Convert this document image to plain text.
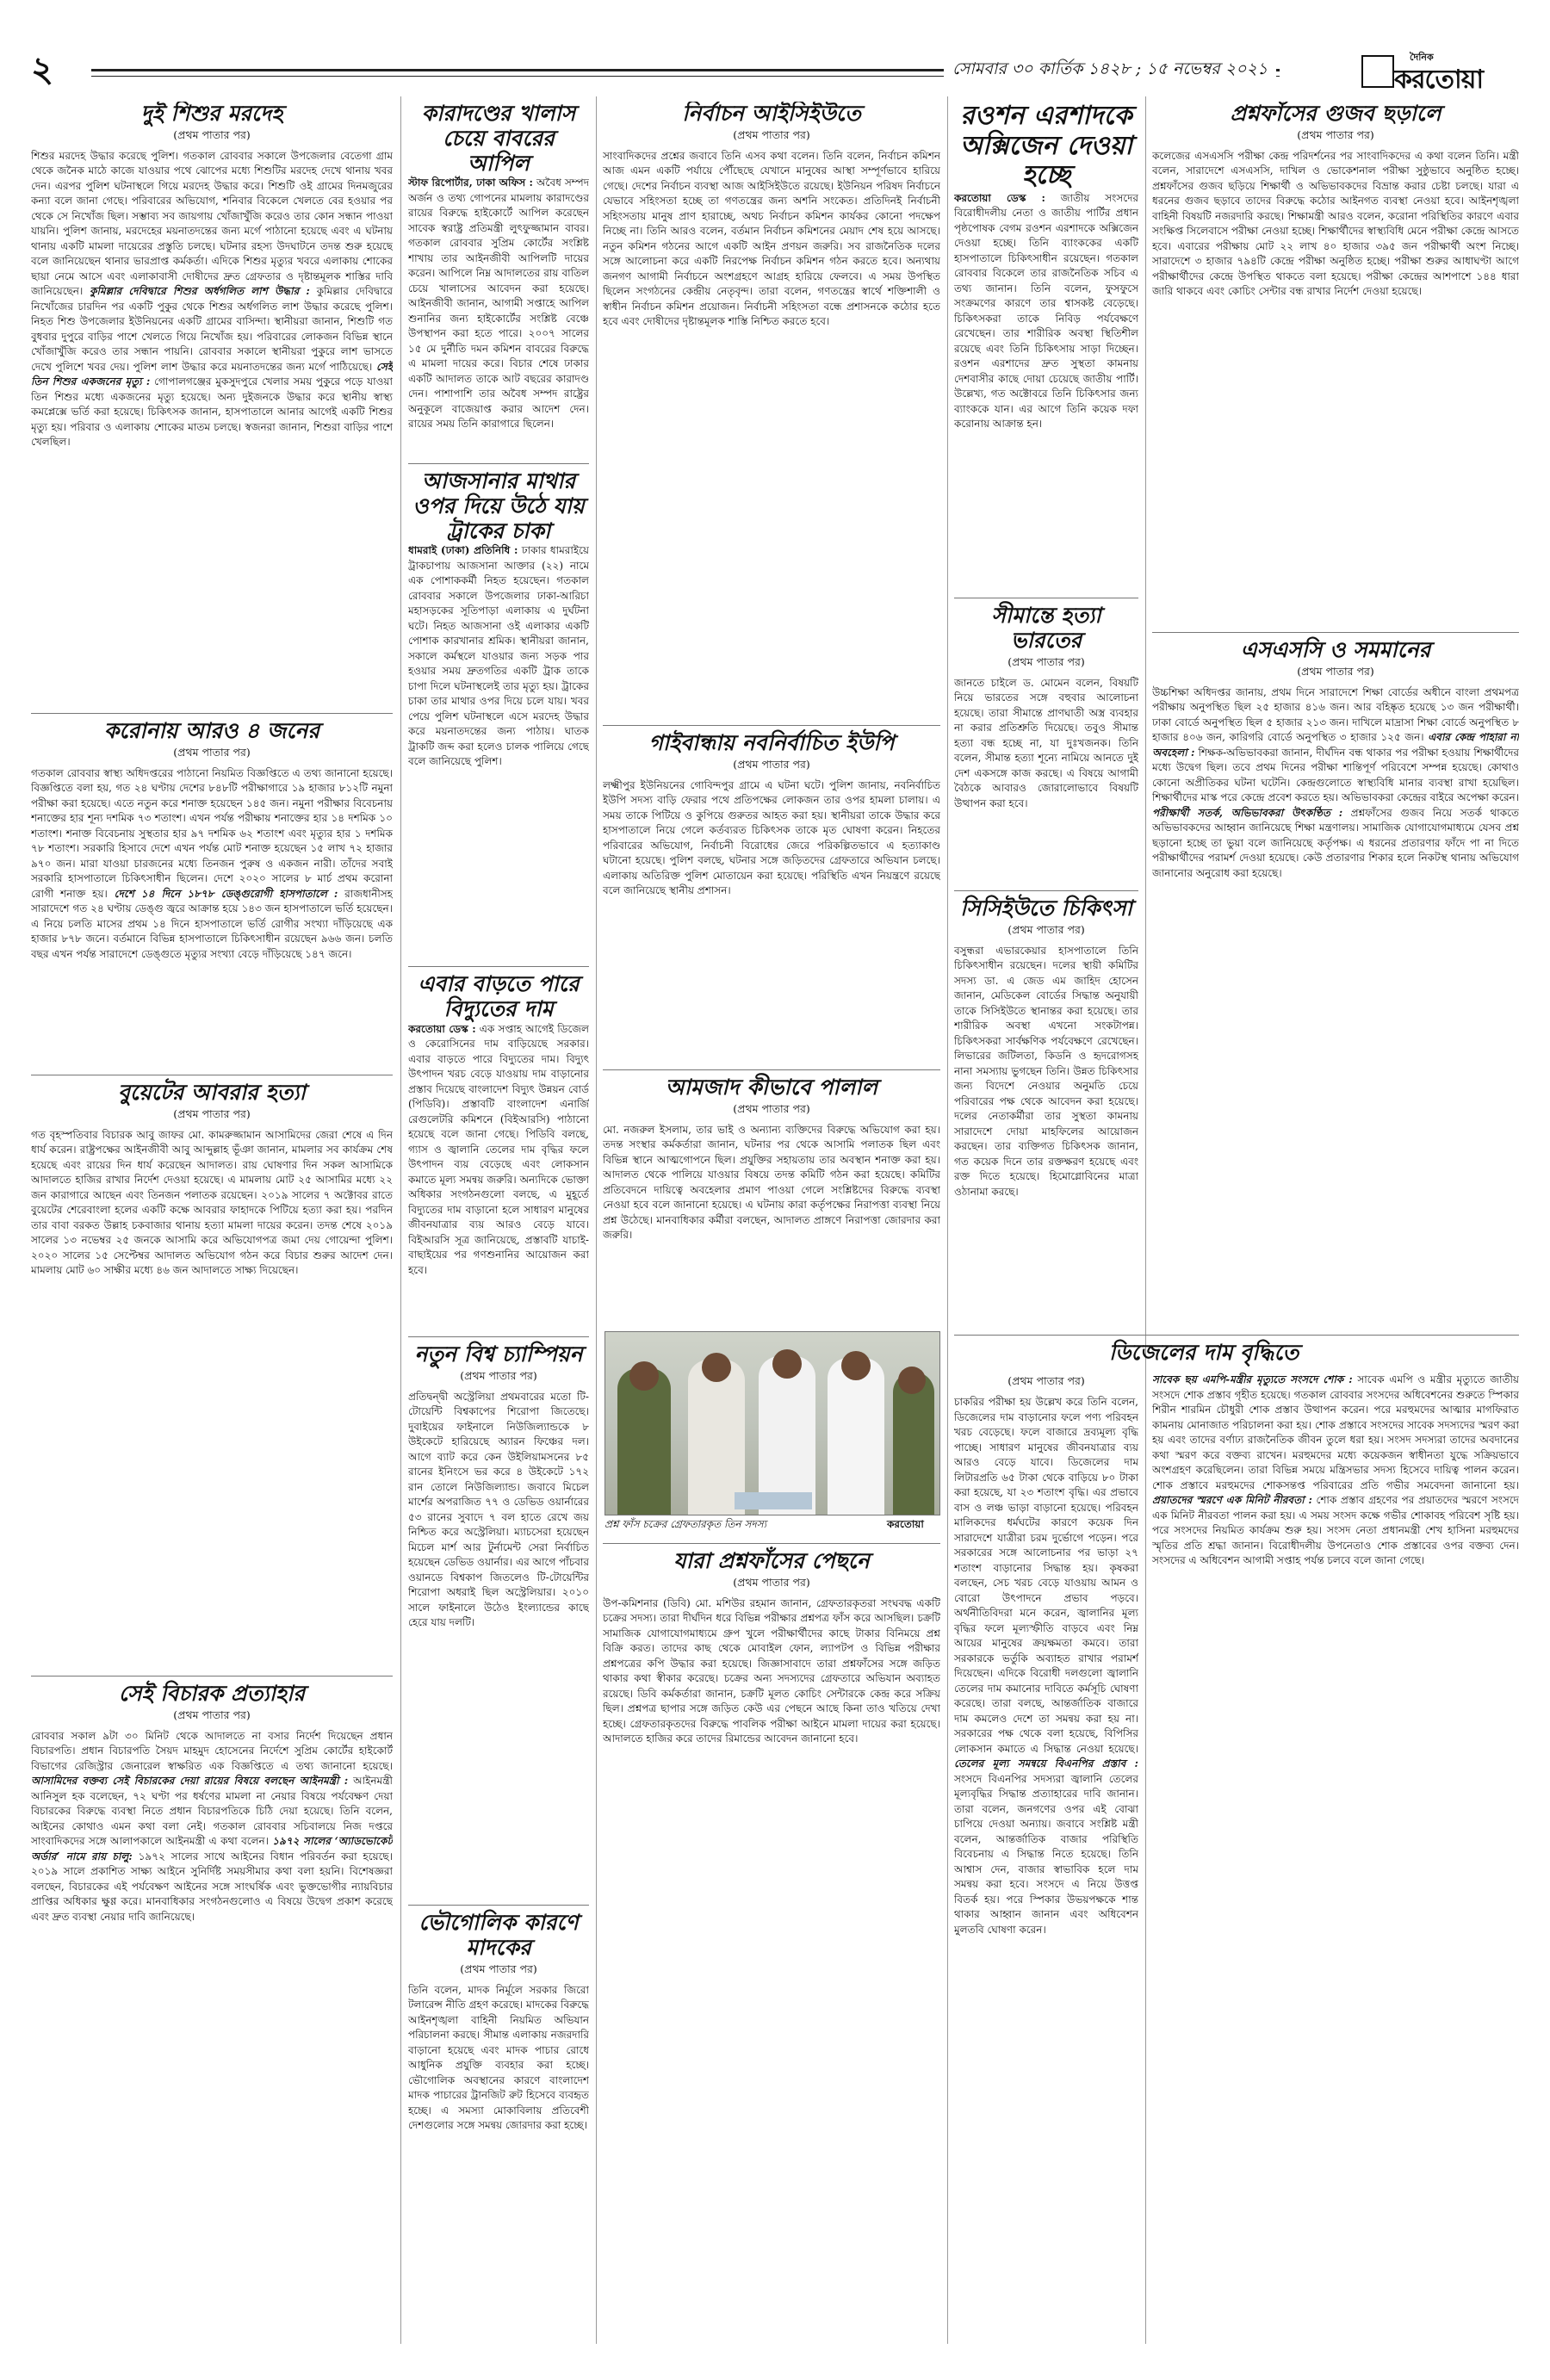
২	সোমবার ৩০ কার্তিক ১৪২৮ ; ১৫ নভেম্বর ২০২১
দৈনিক
করতোয়া
দুই শিশুর মরদেহ
(প্রথম পাতার পর)

শিশুর মরদেহ উদ্ধার করেছে পুলিশ। গতকাল রোববার সকালে উপজেলার বেতেগা গ্রাম থেকে জনৈক মাঠে কাজে যাওয়ার পথে ঝোপের মধ্যে শিশুটির মরদেহ দেখে থানায় খবর দেন। এরপর পুলিশ ঘটনাস্থলে গিয়ে মরদেহ উদ্ধার করে। শিশুটি ওই গ্রামের দিনমজুরের কন্যা বলে জানা গেছে। পরিবারের অভিযোগ, শনিবার বিকেলে খেলতে বের হওয়ার পর থেকে সে নিখোঁজ ছিল। সম্ভাব্য সব জায়গায় খোঁজাখুঁজি করেও তার কোন সন্ধান পাওয়া যায়নি। পুলিশ জানায়, মরদেহের ময়নাতদন্তের জন্য মর্গে পাঠানো হয়েছে এবং এ ঘটনায় থানায় একটি মামলা দায়েরের প্রস্তুতি চলছে। ঘটনার রহস্য উদঘাটনে তদন্ত শুরু হয়েছে বলে জানিয়েছেন থানার ভারপ্রাপ্ত কর্মকর্তা। এদিকে শিশুর মৃত্যুর খবরে এলাকায় শোকের ছায়া নেমে আসে এবং এলাকাবাসী দোষীদের দ্রুত গ্রেফতার ও দৃষ্টান্তমূলক শাস্তির দাবি জানিয়েছেন। কুমিল্লার দেবিদ্বারে শিশুর অর্ধগলিত লাশ উদ্ধার : কুমিল্লার দেবিদ্বারে নিখোঁজের চারদিন পর একটি পুকুর থেকে শিশুর অর্ধগলিত লাশ উদ্ধার করেছে পুলিশ। নিহত শিশু উপজেলার ইউনিয়নের একটি গ্রামের বাসিন্দা। স্থানীয়রা জানান, শিশুটি গত বুধবার দুপুরে বাড়ির পাশে খেলতে গিয়ে নিখোঁজ হয়। পরিবারের লোকজন বিভিন্ন স্থানে খোঁজাখুঁজি করেও তার সন্ধান পায়নি। রোববার সকালে স্থানীয়রা পুকুরে লাশ ভাসতে দেখে পুলিশে খবর দেয়। পুলিশ লাশ উদ্ধার করে ময়নাতদন্তের জন্য মর্গে পাঠিয়েছে। সেই তিন শিশুর একজনের মৃত্যু : গোপালগঞ্জের মুকসুদপুরে খেলার সময় পুকুরে পড়ে যাওয়া তিন শিশুর মধ্যে একজনের মৃত্যু হয়েছে। অন্য দুইজনকে উদ্ধার করে স্থানীয় স্বাস্থ্য কমপ্লেক্সে ভর্তি করা হয়েছে। চিকিৎসক জানান, হাসপাতালে আনার আগেই একটি শিশুর মৃত্যু হয়। পরিবার ও এলাকায় শোকের মাতম চলছে। স্বজনরা জানান, শিশুরা বাড়ির পাশে খেলছিল।

করোনায় আরও ৪ জনের
(প্রথম পাতার পর)

গতকাল রোববার স্বাস্থ্য অধিদপ্তরের পাঠানো নিয়মিত বিজ্ঞপ্তিতে এ তথ্য জানানো হয়েছে। বিজ্ঞপ্তিতে বলা হয়, গত ২৪ ঘণ্টায় দেশের ৮৪৮টি পরীক্ষাগারে ১৯ হাজার ৮১২টি নমুনা পরীক্ষা করা হয়েছে। এতে নতুন করে শনাক্ত হয়েছেন ১৪৫ জন। নমুনা পরীক্ষার বিবেচনায় শনাক্তের হার শূন্য দশমিক ৭৩ শতাংশ। এখন পর্যন্ত পরীক্ষায় শনাক্তের হার ১৪ দশমিক ১০ শতাংশ। শনাক্ত বিবেচনায় সুস্থতার হার ৯৭ দশমিক ৬২ শতাংশ এবং মৃত্যুর হার ১ দশমিক ৭৮ শতাংশ। সরকারি হিসাবে দেশে এখন পর্যন্ত মোট শনাক্ত হয়েছেন ১৫ লাখ ৭২ হাজার ৯৭০ জন। মারা যাওয়া চারজনের মধ্যে তিনজন পুরুষ ও একজন নারী। তাঁদের সবাই সরকারি হাসপাতালে চিকিৎসাধীন ছিলেন। দেশে ২০২০ সালের ৮ মার্চ প্রথম করোনা রোগী শনাক্ত হয়। দেশে ১৪ দিনে ১৮৭৮ ডেঙ্গুরোগী হাসপাতালে : রাজধানীসহ সারাদেশে গত ২৪ ঘণ্টায় ডেঙ্গু জ্বরে আক্রান্ত হয়ে ১৪৩ জন হাসপাতালে ভর্তি হয়েছেন। এ নিয়ে চলতি মাসের প্রথম ১৪ দিনে হাসপাতালে ভর্তি রোগীর সংখ্যা দাঁড়িয়েছে এক হাজার ৮৭৮ জনে। বর্তমানে বিভিন্ন হাসপাতালে চিকিৎসাধীন রয়েছেন ৯৬৬ জন। চলতি বছর এখন পর্যন্ত সারাদেশে ডেঙ্গুতে মৃত্যুর সংখ্যা বেড়ে দাঁড়িয়েছে ১৪৭ জনে।

বুয়েটের আবরার হত্যা
(প্রথম পাতার পর)

গত বৃহস্পতিবার বিচারক আবু জাফর মো. কামরুজ্জামান আসামিদের জেরা শেষে এ দিন ধার্য করেন। রাষ্ট্রপক্ষের আইনজীবী আবু আব্দুল্লাহ ভূঁঞা জানান, মামলার সব কার্যক্রম শেষ হয়েছে এবং রায়ের দিন ধার্য করেছেন আদালত। রায় ঘোষণার দিন সকল আসামিকে আদালতে হাজির রাখার নির্দেশ দেওয়া হয়েছে। এ মামলায় মোট ২৫ আসামির মধ্যে ২২ জন কারাগারে আছেন এবং তিনজন পলাতক রয়েছেন। ২০১৯ সালের ৭ অক্টোবর রাতে বুয়েটের শেরেবাংলা হলের একটি কক্ষে আবরার ফাহাদকে পিটিয়ে হত্যা করা হয়। পরদিন তার বাবা বরকত উল্লাহ চকবাজার থানায় হত্যা মামলা দায়ের করেন। তদন্ত শেষে ২০১৯ সালের ১৩ নভেম্বর ২৫ জনকে আসামি করে অভিযোগপত্র জমা দেয় গোয়েন্দা পুলিশ। ২০২০ সালের ১৫ সেপ্টেম্বর আদালত অভিযোগ গঠন করে বিচার শুরুর আদেশ দেন। মামলায় মোট ৬০ সাক্ষীর মধ্যে ৪৬ জন আদালতে সাক্ষ্য দিয়েছেন।

সেই বিচারক প্রত্যাহার
(প্রথম পাতার পর)

রোববার সকাল ৯টা ৩০ মিনিট থেকে আদালতে না বসার নির্দেশ দিয়েছেন প্রধান বিচারপতি। প্রধান বিচারপতি সৈয়দ মাহমুদ হোসেনের নির্দেশে সুপ্রিম কোর্টের হাইকোর্ট বিভাগের রেজিস্ট্রার জেনারেল স্বাক্ষরিত এক বিজ্ঞপ্তিতে এ তথ্য জানানো হয়েছে। আসামিদের বক্তব্য সেই বিচারকের দেয়া রায়ের বিষয়ে বলছেন আইনমন্ত্রী : আইনমন্ত্রী আনিসুল হক বলেছেন, ৭২ ঘণ্টা পর ধর্ষণের মামলা না নেয়ার বিষয়ে পর্যবেক্ষণ দেয়া বিচারকের বিরুদ্ধে ব্যবস্থা নিতে প্রধান বিচারপতিকে চিঠি দেয়া হয়েছে। তিনি বলেন, আইনের কোথাও এমন কথা বলা নেই। গতকাল রোববার সচিবালয়ে নিজ দপ্তরে সাংবাদিকদের সঙ্গে আলাপকালে আইনমন্ত্রী এ কথা বলেন। ১৯৭২ সালের ‘অ্যাডভোকেট অর্ডার’ নামে রায় চালু: ১৯৭২ সালের সাথে আইনের বিধান পরিবর্তন করা হয়েছে। ২০১৯ সালে প্রকাশিত সাক্ষ্য আইনে সুনির্দিষ্ট সময়সীমার কথা বলা হয়নি। বিশেষজ্ঞরা বলছেন, বিচারকের এই পর্যবেক্ষণ আইনের সঙ্গে সাংঘর্ষিক এবং ভুক্তভোগীর ন্যায়বিচার প্রাপ্তির অধিকার ক্ষুণ্ণ করে। মানবাধিকার সংগঠনগুলোও এ বিষয়ে উদ্বেগ প্রকাশ করেছে এবং দ্রুত ব্যবস্থা নেয়ার দাবি জানিয়েছে।

কারাদণ্ডের খালাস চেয়ে বাবরের আপিল

স্টাফ রিপোর্টার, ঢাকা অফিস : অবৈধ সম্পদ অর্জন ও তথ্য গোপনের মামলায় কারাদণ্ডের রায়ের বিরুদ্ধে হাইকোর্টে আপিল করেছেন সাবেক স্বরাষ্ট্র প্রতিমন্ত্রী লুৎফুজ্জামান বাবর। গতকাল রোববার সুপ্রিম কোর্টের সংশ্লিষ্ট শাখায় তার আইনজীবী আপিলটি দায়ের করেন। আপিলে নিম্ন আদালতের রায় বাতিল চেয়ে খালাসের আবেদন করা হয়েছে। আইনজীবী জানান, আগামী সপ্তাহে আপিল শুনানির জন্য হাইকোর্টের সংশ্লিষ্ট বেঞ্চে উপস্থাপন করা হতে পারে। ২০০৭ সালের ১৫ মে দুর্নীতি দমন কমিশন বাবরের বিরুদ্ধে এ মামলা দায়ের করে। বিচার শেষে ঢাকার একটি আদালত তাকে আট বছরের কারাদণ্ড দেন। পাশাপাশি তার অবৈধ সম্পদ রাষ্ট্রের অনুকূলে বাজেয়াপ্ত করার আদেশ দেন। রায়ের সময় তিনি কারাগারে ছিলেন।

আজসানার মাথার ওপর দিয়ে উঠে যায় ট্রাকের চাকা

ধামরাই (ঢাকা) প্রতিনিধি : ঢাকার ধামরাইয়ে ট্রাকচাপায় আজসানা আক্তার (২২) নামে এক পোশাককর্মী নিহত হয়েছেন। গতকাল রোববার সকালে উপজেলার ঢাকা-আরিচা মহাসড়কের সূতিপাড়া এলাকায় এ দুর্ঘটনা ঘটে। নিহত আজসানা ওই এলাকার একটি পোশাক কারখানার শ্রমিক। স্থানীয়রা জানান, সকালে কর্মস্থলে যাওয়ার জন্য সড়ক পার হওয়ার সময় দ্রুতগতির একটি ট্রাক তাকে চাপা দিলে ঘটনাস্থলেই তার মৃত্যু হয়। ট্রাকের চাকা তার মাথার ওপর দিয়ে চলে যায়। খবর পেয়ে পুলিশ ঘটনাস্থলে এসে মরদেহ উদ্ধার করে ময়নাতদন্তের জন্য পাঠায়। ঘাতক ট্রাকটি জব্দ করা হলেও চালক পালিয়ে গেছে বলে জানিয়েছে পুলিশ।

এবার বাড়তে পারে বিদ্যুতের দাম

করতোয়া ডেস্ক : এক সপ্তাহ আগেই ডিজেল ও কেরোসিনের দাম বাড়িয়েছে সরকার। এবার বাড়তে পারে বিদ্যুতের দাম। বিদ্যুৎ উৎপাদন খরচ বেড়ে যাওয়ায় দাম বাড়ানোর প্রস্তাব দিয়েছে বাংলাদেশ বিদ্যুৎ উন্নয়ন বোর্ড (পিডিবি)। প্রস্তাবটি বাংলাদেশ এনার্জি রেগুলেটরি কমিশনে (বিইআরসি) পাঠানো হয়েছে বলে জানা গেছে। পিডিবি বলছে, গ্যাস ও জ্বালানি তেলের দাম বৃদ্ধির ফলে উৎপাদন ব্যয় বেড়েছে এবং লোকসান কমাতে মূল্য সমন্বয় জরুরি। অন্যদিকে ভোক্তা অধিকার সংগঠনগুলো বলছে, এ মুহূর্তে বিদ্যুতের দাম বাড়ানো হলে সাধারণ মানুষের জীবনযাত্রার ব্যয় আরও বেড়ে যাবে। বিইআরসি সূত্র জানিয়েছে, প্রস্তাবটি যাচাই-বাছাইয়ের পর গণশুনানির আয়োজন করা হবে।

নতুন বিশ্ব চ্যাম্পিয়ন
(প্রথম পাতার পর)

প্রতিদ্বন্দ্বী অস্ট্রেলিয়া প্রথমবারের মতো টি-টোয়েন্টি বিশ্বকাপের শিরোপা জিতেছে। দুবাইয়ের ফাইনালে নিউজিল্যান্ডকে ৮ উইকেটে হারিয়েছে অ্যারন ফিঞ্চের দল। আগে ব্যাট করে কেন উইলিয়ামসনের ৮৫ রানের ইনিংসে ভর করে ৪ উইকেটে ১৭২ রান তোলে নিউজিল্যান্ড। জবাবে মিচেল মার্শের অপরাজিত ৭৭ ও ডেভিড ওয়ার্নারের ৫৩ রানের সুবাদে ৭ বল হাতে রেখে জয় নিশ্চিত করে অস্ট্রেলিয়া। ম্যাচসেরা হয়েছেন মিচেল মার্শ আর টুর্নামেন্ট সেরা নির্বাচিত হয়েছেন ডেভিড ওয়ার্নার। এর আগে পাঁচবার ওয়ানডে বিশ্বকাপ জিতলেও টি-টোয়েন্টির শিরোপা অধরাই ছিল অস্ট্রেলিয়ার। ২০১০ সালে ফাইনালে উঠেও ইংল্যান্ডের কাছে হেরে যায় দলটি।

ভৌগোলিক কারণে মাদকের
(প্রথম পাতার পর)

তিনি বলেন, মাদক নির্মূলে সরকার জিরো টলারেন্স নীতি গ্রহণ করেছে। মাদকের বিরুদ্ধে আইনশৃঙ্খলা বাহিনী নিয়মিত অভিযান পরিচালনা করছে। সীমান্ত এলাকায় নজরদারি বাড়ানো হয়েছে এবং মাদক পাচার রোধে আধুনিক প্রযুক্তি ব্যবহার করা হচ্ছে। ভৌগোলিক অবস্থানের কারণে বাংলাদেশ মাদক পাচারের ট্রানজিট রুট হিসেবে ব্যবহৃত হচ্ছে। এ সমস্যা মোকাবিলায় প্রতিবেশী দেশগুলোর সঙ্গে সমন্বয় জোরদার করা হচ্ছে।

নির্বাচন আইসিইউতে
(প্রথম পাতার পর)

সাংবাদিকদের প্রশ্নের জবাবে তিনি এসব কথা বলেন। তিনি বলেন, নির্বাচন কমিশন আজ এমন একটি পর্যায়ে পৌঁছেছে যেখানে মানুষের আস্থা সম্পূর্ণভাবে হারিয়ে গেছে। দেশের নির্বাচন ব্যবস্থা আজ আইসিইউতে রয়েছে। ইউনিয়ন পরিষদ নির্বাচনে যেভাবে সহিংসতা হচ্ছে তা গণতন্ত্রের জন্য অশনি সংকেত। প্রতিদিনই নির্বাচনী সহিংসতায় মানুষ প্রাণ হারাচ্ছে, অথচ নির্বাচন কমিশন কার্যকর কোনো পদক্ষেপ নিচ্ছে না। তিনি আরও বলেন, বর্তমান নির্বাচন কমিশনের মেয়াদ শেষ হয়ে আসছে। নতুন কমিশন গঠনের আগে একটি আইন প্রণয়ন জরুরি। সব রাজনৈতিক দলের সঙ্গে আলোচনা করে একটি নিরপেক্ষ নির্বাচন কমিশন গঠন করতে হবে। অন্যথায় জনগণ আগামী নির্বাচনে অংশগ্রহণে আগ্রহ হারিয়ে ফেলবে। এ সময় উপস্থিত ছিলেন সংগঠনের কেন্দ্রীয় নেতৃবৃন্দ। তারা বলেন, গণতন্ত্রের স্বার্থে শক্তিশালী ও স্বাধীন নির্বাচন কমিশন প্রয়োজন। নির্বাচনী সহিংসতা বন্ধে প্রশাসনকে কঠোর হতে হবে এবং দোষীদের দৃষ্টান্তমূলক শাস্তি নিশ্চিত করতে হবে।

গাইবান্ধায় নবনির্বাচিত ইউপি
(প্রথম পাতার পর)

লক্ষ্মীপুর ইউনিয়নের গোবিন্দপুর গ্রামে এ ঘটনা ঘটে। পুলিশ জানায়, নবনির্বাচিত ইউপি সদস্য বাড়ি ফেরার পথে প্রতিপক্ষের লোকজন তার ওপর হামলা চালায়। এ সময় তাকে পিটিয়ে ও কুপিয়ে গুরুতর আহত করা হয়। স্থানীয়রা তাকে উদ্ধার করে হাসপাতালে নিয়ে গেলে কর্তব্যরত চিকিৎসক তাকে মৃত ঘোষণা করেন। নিহতের পরিবারের অভিযোগ, নির্বাচনী বিরোধের জেরে পরিকল্পিতভাবে এ হত্যাকাণ্ড ঘটানো হয়েছে। পুলিশ বলছে, ঘটনার সঙ্গে জড়িতদের গ্রেফতারে অভিযান চলছে। এলাকায় অতিরিক্ত পুলিশ মোতায়েন করা হয়েছে। পরিস্থিতি এখন নিয়ন্ত্রণে রয়েছে বলে জানিয়েছে স্থানীয় প্রশাসন।

আমজাদ কীভাবে পালাল
(প্রথম পাতার পর)

মো. নজরুল ইসলাম, তার ভাই ও অন্যান্য ব্যক্তিদের বিরুদ্ধে অভিযোগ করা হয়। তদন্ত সংস্থার কর্মকর্তারা জানান, ঘটনার পর থেকে আসামি পলাতক ছিল এবং বিভিন্ন স্থানে আত্মগোপনে ছিল। প্রযুক্তির সহায়তায় তার অবস্থান শনাক্ত করা হয়। আদালত থেকে পালিয়ে যাওয়ার বিষয়ে তদন্ত কমিটি গঠন করা হয়েছে। কমিটির প্রতিবেদনে দায়িত্বে অবহেলার প্রমাণ পাওয়া গেলে সংশ্লিষ্টদের বিরুদ্ধে ব্যবস্থা নেওয়া হবে বলে জানানো হয়েছে। এ ঘটনায় কারা কর্তৃপক্ষের নিরাপত্তা ব্যবস্থা নিয়ে প্রশ্ন উঠেছে। মানবাধিকার কর্মীরা বলছেন, আদালত প্রাঙ্গণে নিরাপত্তা জোরদার করা জরুরি।

প্রশ্ন ফাঁস চক্রের গ্রেফতারকৃত তিন সদস্য	করতোয়া
যারা প্রশ্নফাঁসের পেছনে
(প্রথম পাতার পর)

উপ-কমিশনার (ডিবি) মো. মশিউর রহমান জানান, গ্রেফতারকৃতরা সংঘবদ্ধ একটি চক্রের সদস্য। তারা দীর্ঘদিন ধরে বিভিন্ন পরীক্ষার প্রশ্নপত্র ফাঁস করে আসছিল। চক্রটি সামাজিক যোগাযোগমাধ্যমে গ্রুপ খুলে পরীক্ষার্থীদের কাছে টাকার বিনিময়ে প্রশ্ন বিক্রি করত। তাদের কাছ থেকে মোবাইল ফোন, ল্যাপটপ ও বিভিন্ন পরীক্ষার প্রশ্নপত্রের কপি উদ্ধার করা হয়েছে। জিজ্ঞাসাবাদে তারা প্রশ্নফাঁসের সঙ্গে জড়িত থাকার কথা স্বীকার করেছে। চক্রের অন্য সদস্যদের গ্রেফতারে অভিযান অব্যাহত রয়েছে। ডিবি কর্মকর্তারা জানান, চক্রটি মূলত কোচিং সেন্টারকে কেন্দ্র করে সক্রিয় ছিল। প্রশ্নপত্র ছাপার সঙ্গে জড়িত কেউ এর পেছনে আছে কিনা তাও খতিয়ে দেখা হচ্ছে। গ্রেফতারকৃতদের বিরুদ্ধে পাবলিক পরীক্ষা আইনে মামলা দায়ের করা হয়েছে। আদালতে হাজির করে তাদের রিমান্ডের আবেদন জানানো হবে।

রওশন এরশাদকে অক্সিজেন দেওয়া হচ্ছে

করতোয়া ডেস্ক : জাতীয় সংসদের বিরোধীদলীয় নেতা ও জাতীয় পার্টির প্রধান পৃষ্ঠপোষক বেগম রওশন এরশাদকে অক্সিজেন দেওয়া হচ্ছে। তিনি ব্যাংককের একটি হাসপাতালে চিকিৎসাধীন রয়েছেন। গতকাল রোববার বিকেলে তার রাজনৈতিক সচিব এ তথ্য জানান। তিনি বলেন, ফুসফুসে সংক্রমণের কারণে তার শ্বাসকষ্ট বেড়েছে। চিকিৎসকরা তাকে নিবিড় পর্যবেক্ষণে রেখেছেন। তার শারীরিক অবস্থা স্থিতিশীল রয়েছে এবং তিনি চিকিৎসায় সাড়া দিচ্ছেন। রওশন এরশাদের দ্রুত সুস্থতা কামনায় দেশবাসীর কাছে দোয়া চেয়েছে জাতীয় পার্টি। উল্লেখ্য, গত অক্টোবরে তিনি চিকিৎসার জন্য ব্যাংককে যান। এর আগে তিনি কয়েক দফা করোনায় আক্রান্ত হন।

সীমান্তে হত্যা ভারতের
(প্রথম পাতার পর)

জানতে চাইলে ড. মোমেন বলেন, বিষয়টি নিয়ে ভারতের সঙ্গে বহুবার আলোচনা হয়েছে। তারা সীমান্তে প্রাণঘাতী অস্ত্র ব্যবহার না করার প্রতিশ্রুতি দিয়েছে। তবুও সীমান্ত হত্যা বন্ধ হচ্ছে না, যা দুঃখজনক। তিনি বলেন, সীমান্ত হত্যা শূন্যে নামিয়ে আনতে দুই দেশ একসঙ্গে কাজ করছে। এ বিষয়ে আগামী বৈঠকে আবারও জোরালোভাবে বিষয়টি উত্থাপন করা হবে।

সিসিইউতে চিকিৎসা
(প্রথম পাতার পর)

বসুন্ধরা এভারকেয়ার হাসপাতালে তিনি চিকিৎসাধীন রয়েছেন। দলের স্থায়ী কমিটির সদস্য ডা. এ জেড এম জাহিদ হোসেন জানান, মেডিকেল বোর্ডের সিদ্ধান্ত অনুযায়ী তাকে সিসিইউতে স্থানান্তর করা হয়েছে। তার শারীরিক অবস্থা এখনো সংকটাপন্ন। চিকিৎসকরা সার্বক্ষণিক পর্যবেক্ষণে রেখেছেন। লিভারের জটিলতা, কিডনি ও হৃদরোগসহ নানা সমস্যায় ভুগছেন তিনি। উন্নত চিকিৎসার জন্য বিদেশে নেওয়ার অনুমতি চেয়ে পরিবারের পক্ষ থেকে আবেদন করা হয়েছে। দলের নেতাকর্মীরা তার সুস্থতা কামনায় সারাদেশে দোয়া মাহফিলের আয়োজন করছেন। তার ব্যক্তিগত চিকিৎসক জানান, গত কয়েক দিনে তার রক্তক্ষরণ হয়েছে এবং রক্ত দিতে হয়েছে। হিমোগ্লোবিনের মাত্রা ওঠানামা করছে।

ডিজেলের দাম বৃদ্ধিতে
(প্রথম পাতার পর)

চাকরির পরীক্ষা হয় উল্লেখ করে তিনি বলেন, ডিজেলের দাম বাড়ানোর ফলে পণ্য পরিবহন খরচ বেড়েছে। ফলে বাজারে দ্রব্যমূল্য বৃদ্ধি পাচ্ছে। সাধারণ মানুষের জীবনযাত্রার ব্যয় আরও বেড়ে যাবে। ডিজেলের দাম লিটারপ্রতি ৬৫ টাকা থেকে বাড়িয়ে ৮০ টাকা করা হয়েছে, যা ২৩ শতাংশ বৃদ্ধি। এর প্রভাবে বাস ও লঞ্চ ভাড়া বাড়ানো হয়েছে। পরিবহন মালিকদের ধর্মঘটের কারণে কয়েক দিন সারাদেশে যাত্রীরা চরম দুর্ভোগে পড়েন। পরে সরকারের সঙ্গে আলোচনার পর ভাড়া ২৭ শতাংশ বাড়ানোর সিদ্ধান্ত হয়। কৃষকরা বলছেন, সেচ খরচ বেড়ে যাওয়ায় আমন ও বোরো উৎপাদনে প্রভাব পড়বে। অর্থনীতিবিদরা মনে করেন, জ্বালানির মূল্য বৃদ্ধির ফলে মূল্যস্ফীতি বাড়বে এবং নিম্ন আয়ের মানুষের ক্রয়ক্ষমতা কমবে। তারা সরকারকে ভর্তুকি অব্যাহত রাখার পরামর্শ দিয়েছেন। এদিকে বিরোধী দলগুলো জ্বালানি তেলের দাম কমানোর দাবিতে কর্মসূচি ঘোষণা করেছে। তারা বলছে, আন্তর্জাতিক বাজারে দাম কমলেও দেশে তা সমন্বয় করা হয় না। সরকারের পক্ষ থেকে বলা হয়েছে, বিপিসির লোকসান কমাতে এ সিদ্ধান্ত নেওয়া হয়েছে। তেলের মূল্য সমন্বয়ে বিএনপির প্রস্তাব : সংসদে বিএনপির সদস্যরা জ্বালানি তেলের মূল্যবৃদ্ধির সিদ্ধান্ত প্রত্যাহারের দাবি জানান। তারা বলেন, জনগণের ওপর এই বোঝা চাপিয়ে দেওয়া অন্যায়। জবাবে সংশ্লিষ্ট মন্ত্রী বলেন, আন্তর্জাতিক বাজার পরিস্থিতি বিবেচনায় এ সিদ্ধান্ত নিতে হয়েছে। তিনি আশ্বাস দেন, বাজার স্বাভাবিক হলে দাম সমন্বয় করা হবে। সংসদে এ নিয়ে উত্তপ্ত বিতর্ক হয়। পরে স্পিকার উভয়পক্ষকে শান্ত থাকার আহ্বান জানান এবং অধিবেশন মুলতবি ঘোষণা করেন।

প্রশ্নফাঁসের গুজব ছড়ালে
(প্রথম পাতার পর)

কলেজের এসএসসি পরীক্ষা কেন্দ্র পরিদর্শনের পর সাংবাদিকদের এ কথা বলেন তিনি। মন্ত্রী বলেন, সারাদেশে এসএসসি, দাখিল ও ভোকেশনাল পরীক্ষা সুষ্ঠুভাবে অনুষ্ঠিত হচ্ছে। প্রশ্নফাঁসের গুজব ছড়িয়ে শিক্ষার্থী ও অভিভাবকদের বিভ্রান্ত করার চেষ্টা চলছে। যারা এ ধরনের গুজব ছড়াবে তাদের বিরুদ্ধে কঠোর আইনগত ব্যবস্থা নেওয়া হবে। আইনশৃঙ্খলা বাহিনী বিষয়টি নজরদারি করছে। শিক্ষামন্ত্রী আরও বলেন, করোনা পরিস্থিতির কারণে এবার সংক্ষিপ্ত সিলেবাসে পরীক্ষা নেওয়া হচ্ছে। শিক্ষার্থীদের স্বাস্থ্যবিধি মেনে পরীক্ষা কেন্দ্রে আসতে হবে। এবারের পরীক্ষায় মোট ২২ লাখ ৪০ হাজার ৩৯৫ জন পরীক্ষার্থী অংশ নিচ্ছে। সারাদেশে ৩ হাজার ৭৯৪টি কেন্দ্রে পরীক্ষা অনুষ্ঠিত হচ্ছে। পরীক্ষা শুরুর আধাঘণ্টা আগে পরীক্ষার্থীদের কেন্দ্রে উপস্থিত থাকতে বলা হয়েছে। পরীক্ষা কেন্দ্রের আশপাশে ১৪৪ ধারা জারি থাকবে এবং কোচিং সেন্টার বন্ধ রাখার নির্দেশ দেওয়া হয়েছে।

এসএসসি ও সমমানের
(প্রথম পাতার পর)

উচ্চশিক্ষা অধিদপ্তর জানায়, প্রথম দিনে সারাদেশে শিক্ষা বোর্ডের অধীনে বাংলা প্রথমপত্র পরীক্ষায় অনুপস্থিত ছিল ২৫ হাজার ৪১৬ জন। আর বহিষ্কৃত হয়েছে ১৩ জন পরীক্ষার্থী। ঢাকা বোর্ডে অনুপস্থিত ছিল ৫ হাজার ২১৩ জন। দাখিলে মাদ্রাসা শিক্ষা বোর্ডে অনুপস্থিত ৮ হাজার ৪০৬ জন, কারিগরি বোর্ডে অনুপস্থিত ৩ হাজার ১২৫ জন। এবার কেন্দ্র পাহারা না অবহেলা : শিক্ষক-অভিভাবকরা জানান, দীর্ঘদিন বন্ধ থাকার পর পরীক্ষা হওয়ায় শিক্ষার্থীদের মধ্যে উদ্বেগ ছিল। তবে প্রথম দিনের পরীক্ষা শান্তিপূর্ণ পরিবেশে সম্পন্ন হয়েছে। কোথাও কোনো অপ্রীতিকর ঘটনা ঘটেনি। কেন্দ্রগুলোতে স্বাস্থ্যবিধি মানার ব্যবস্থা রাখা হয়েছিল। শিক্ষার্থীদের মাস্ক পরে কেন্দ্রে প্রবেশ করতে হয়। অভিভাবকরা কেন্দ্রের বাইরে অপেক্ষা করেন। পরীক্ষার্থী সতর্ক, অভিভাবকরা উৎকণ্ঠিত : প্রশ্নফাঁসের গুজব নিয়ে সতর্ক থাকতে অভিভাবকদের আহ্বান জানিয়েছে শিক্ষা মন্ত্রণালয়। সামাজিক যোগাযোগমাধ্যমে যেসব প্রশ্ন ছড়ানো হচ্ছে তা ভুয়া বলে জানিয়েছে কর্তৃপক্ষ। এ ধরনের প্রতারণার ফাঁদে পা না দিতে পরীক্ষার্থীদের পরামর্শ দেওয়া হয়েছে। কেউ প্রতারণার শিকার হলে নিকটস্থ থানায় অভিযোগ জানানোর অনুরোধ করা হয়েছে।

সাবেক ছয় এমপি-মন্ত্রীর মৃত্যুতে সংসদে শোক : সাবেক এমপি ও মন্ত্রীর মৃত্যুতে জাতীয় সংসদে শোক প্রস্তাব গৃহীত হয়েছে। গতকাল রোববার সংসদের অধিবেশনের শুরুতে স্পিকার শিরীন শারমিন চৌধুরী শোক প্রস্তাব উত্থাপন করেন। পরে মরহুমদের আত্মার মাগফিরাত কামনায় মোনাজাত পরিচালনা করা হয়। শোক প্রস্তাবে সংসদের সাবেক সদস্যদের স্মরণ করা হয় এবং তাদের বর্ণাঢ্য রাজনৈতিক জীবন তুলে ধরা হয়। সংসদ সদস্যরা তাদের অবদানের কথা স্মরণ করে বক্তব্য রাখেন। মরহুমদের মধ্যে কয়েকজন স্বাধীনতা যুদ্ধে সক্রিয়ভাবে অংশগ্রহণ করেছিলেন। তারা বিভিন্ন সময়ে মন্ত্রিসভার সদস্য হিসেবে দায়িত্ব পালন করেন। শোক প্রস্তাবে মরহুমদের শোকসন্তপ্ত পরিবারের প্রতি গভীর সমবেদনা জানানো হয়। প্রয়াতদের স্মরণে এক মিনিট নীরবতা : শোক প্রস্তাব গ্রহণের পর প্রয়াতদের স্মরণে সংসদে এক মিনিট নীরবতা পালন করা হয়। এ সময় সংসদ কক্ষে গভীর শোকাবহ পরিবেশ সৃষ্টি হয়। পরে সংসদের নিয়মিত কার্যক্রম শুরু হয়। সংসদ নেতা প্রধানমন্ত্রী শেখ হাসিনা মরহুমদের স্মৃতির প্রতি শ্রদ্ধা জানান। বিরোধীদলীয় উপনেতাও শোক প্রস্তাবের ওপর বক্তব্য দেন। সংসদের এ অধিবেশন আগামী সপ্তাহ পর্যন্ত চলবে বলে জানা গেছে।
